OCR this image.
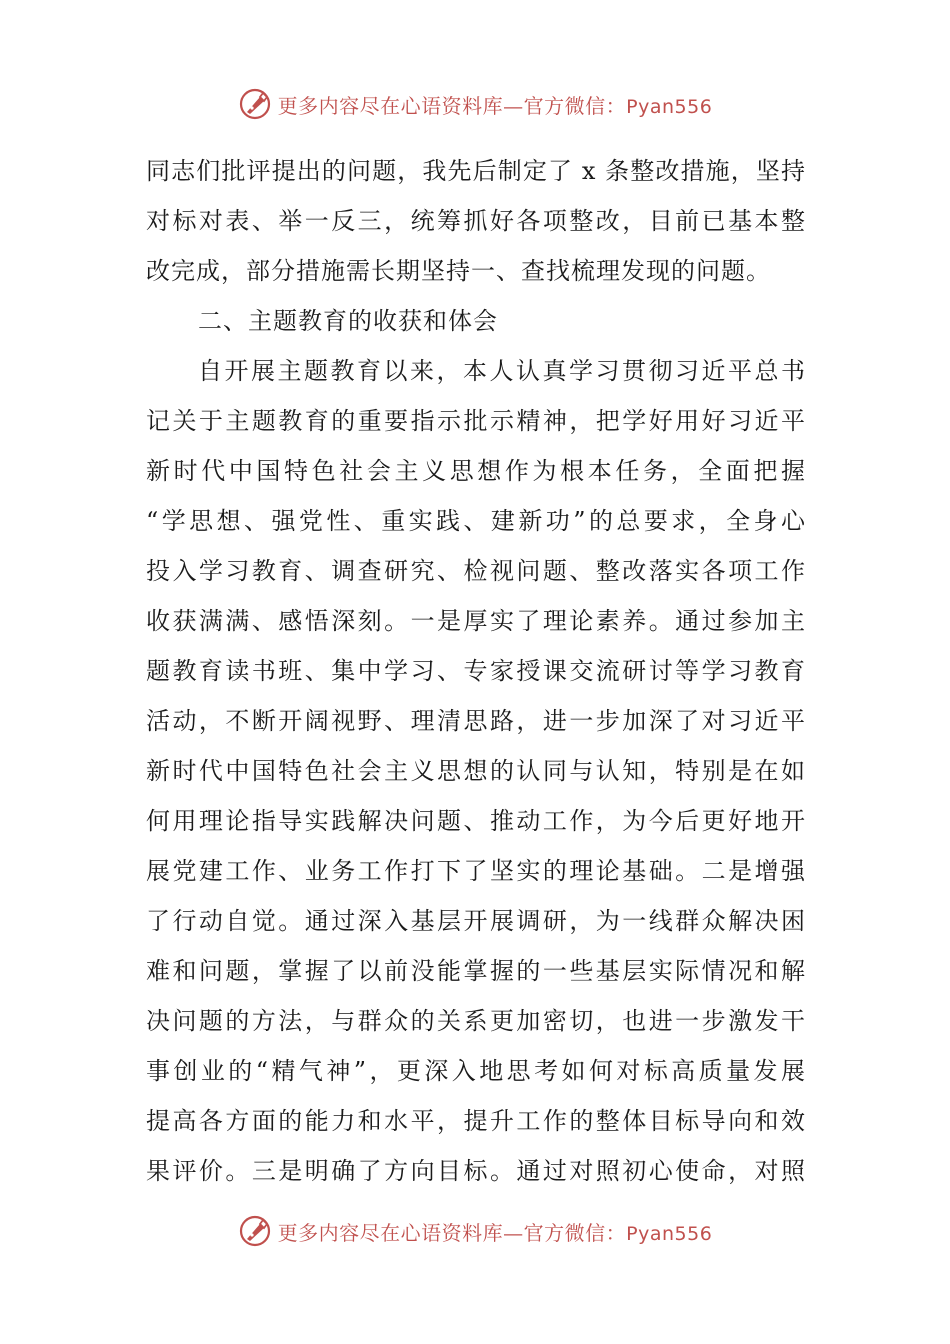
更多内容尽在心语资料库—官方微信：Pyan556
同志们批评提出的问题，我先后制定了 x 条整改措施，坚持
对标对表、举一反三，统筹抓好各项整改，目前已基本整
改完成，部分措施需长期坚持一、查找梳理发现的问题。
二、主题教育的收获和体会
自开展主题教育以来，本人认真学习贯彻习近平总书
记关于主题教育的重要指示批示精神，把学好用好习近平
新时代中国特色社会主义思想作为根本任务，全面把握
“学思想、强党性、重实践、建新功”的总要求，全身心
投入学习教育、调查研究、检视问题、整改落实各项工作
收获满满、感悟深刻。一是厚实了理论素养。通过参加主
题教育读书班、集中学习、专家授课交流研讨等学习教育
活动，不断开阔视野、理清思路，进一步加深了对习近平
新时代中国特色社会主义思想的认同与认知，特别是在如
何用理论指导实践解决问题、推动工作，为今后更好地开
展党建工作、业务工作打下了坚实的理论基础。二是增强
了行动自觉。通过深入基层开展调研，为一线群众解决困
难和问题，掌握了以前没能掌握的一些基层实际情况和解
决问题的方法，与群众的关系更加密切，也进一步激发干
事创业的“精气神”，更深入地思考如何对标高质量发展
提高各方面的能力和水平，提升工作的整体目标导向和效
果评价。三是明确了方向目标。通过对照初心使命，对照
更多内容尽在心语资料库—官方微信：Pyan556
